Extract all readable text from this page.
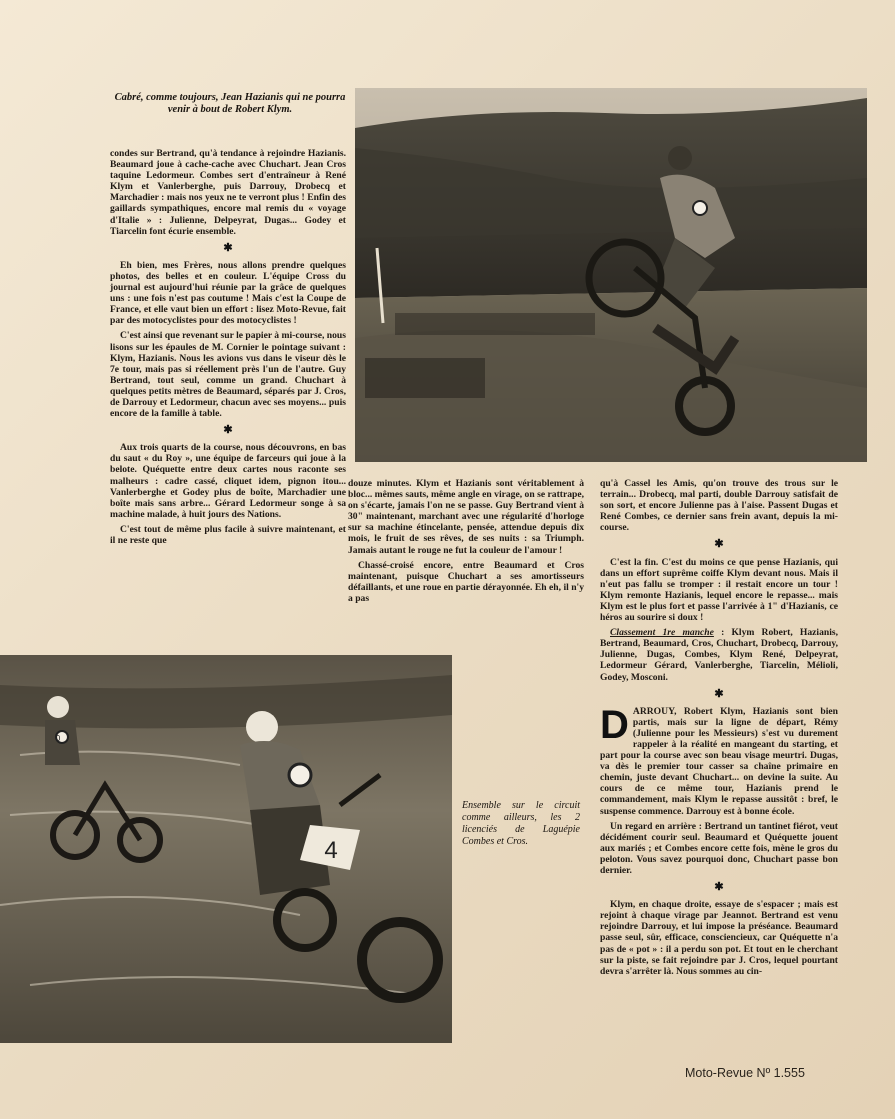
Cabré, comme toujours, Jean Hazianis qui ne pourra venir à bout de Robert Klym.

condes sur Bertrand, qu'à tendance à rejoindre Hazianis. Beaumard joue à cache-cache avec Chuchart. Jean Cros taquine Ledormeur. Combes sert d'entraîneur à René Klym et Vanlerberghe, puis Darrouy, Drobecq et Marchadier : mais nos yeux ne te verront plus ! Enfin des gaillards sympathiques, encore mal remis du « voyage d'Italie » : Julienne, Delpeyrat, Dugas... Godey et Tiarcelin font écurie ensemble.

✱

Eh bien, mes Frères, nous allons prendre quelques photos, des belles et en couleur. L'équipe Cross du journal est aujourd'hui réunie par la grâce de quelques uns : une fois n'est pas coutume ! Mais c'est la Coupe de France, et elle vaut bien un effort : lisez Moto-Revue, fait par des motocyclistes pour des motocyclistes !

C'est ainsi que revenant sur le papier à mi-course, nous lisons sur les épaules de M. Cornier le pointage suivant : Klym, Hazianis. Nous les avions vus dans le viseur dès le 7e tour, mais pas si réellement près l'un de l'autre. Guy Bertrand, tout seul, comme un grand. Chuchart à quelques petits mètres de Beaumard, séparés par J. Cros, de Darrouy et Ledormeur, chacun avec ses moyens... puis encore de la famille à table.

✱

Aux trois quarts de la course, nous découvrons, en bas du saut « du Roy », une équipe de farceurs qui joue à la belote. Quéquette entre deux cartes nous raconte ses malheurs : cadre cassé, cliquet idem, pignon itou... Vanlerberghe et Godey plus de boîte, Marchadier une boîte mais sans arbre... Gérard Ledormeur songe à sa machine malade, à huit jours des Nations.

C'est tout de même plus facile à suivre maintenant, et il ne reste que

douze minutes. Klym et Hazianis sont véritablement à bloc... mêmes sauts, même angle en virage, on se rattrape, on s'écarte, jamais l'on ne se passe. Guy Bertrand vient à 30" maintenant, marchant avec une régularité d'horloge sur sa machine étincelante, pensée, attendue depuis dix mois, le fruit de ses rêves, de ses nuits : sa Triumph. Jamais autant le rouge ne fut la couleur de l'amour !

Chassé-croisé encore, entre Beaumard et Cros maintenant, puisque Chuchart a ses amortisseurs défaillants, et une roue en partie dérayonnée. Eh eh, il n'y a pas

qu'à Cassel les Amis, qu'on trouve des trous sur le terrain... Drobecq, mal parti, double Darrouy satisfait de son sort, et encore Julienne pas à l'aise. Passent Dugas et René Combes, ce dernier sans frein avant, depuis la mi-course.

✱

C'est la fin. C'est du moins ce que pense Hazianis, qui dans un effort suprême coiffe Klym devant nous. Mais il n'eut pas fallu se tromper : il restait encore un tour ! Klym remonte Hazianis, lequel encore le repasse... mais Klym est le plus fort et passe l'arrivée à 1" d'Hazianis, ce héros au sourire si doux !

Classement 1re manche : Klym Robert, Hazianis, Bertrand, Beaumard, Cros, Chuchart, Drobecq, Darrouy, Julienne, Dugas, Combes, Klym René, Delpeyrat, Ledormeur Gérard, Vanlerberghe, Tiarcelin, Mélioli, Godey, Mosconi.

✱

DARROUY, Robert Klym, Hazianis sont bien partis, mais sur la ligne de départ, Rémy (Julienne pour les Messieurs) s'est vu durement rappeler à la réalité en mangeant du starting, et part pour la course avec son beau visage meurtri. Dugas, va dès le premier tour casser sa chaîne primaire en chemin, juste devant Chuchart... on devine la suite. Au cours de ce même tour, Hazianis prend le commandement, mais Klym le repasse aussitôt : bref, le suspense commence. Darrouy est à bonne école.

Un regard en arrière : Bertrand un tantinet fiérot, veut décidément courir seul. Beaumard et Quéquette jouent aux mariés ; et Combes encore cette fois, mène le gros du peloton. Vous savez pourquoi donc, Chuchart passe bon dernier.

✱

Klym, en chaque droite, essaye de s'espacer ; mais est rejoint à chaque virage par Jeannot. Bertrand est venu rejoindre Darrouy, et lui impose la préséance. Beaumard passe seul, sûr, efficace, consciencieux, car Quéquette n'a pas de « pot » : il a perdu son pot. Et tout en le cherchant sur la piste, se fait rejoindre par J. Cros, lequel pourtant devra s'arrêter là. Nous sommes au cin-

0
4
Ensemble sur le circuit comme ailleurs, les 2 licenciés de Laguépie Combes et Cros.
Moto-Revue Nº 1.555
